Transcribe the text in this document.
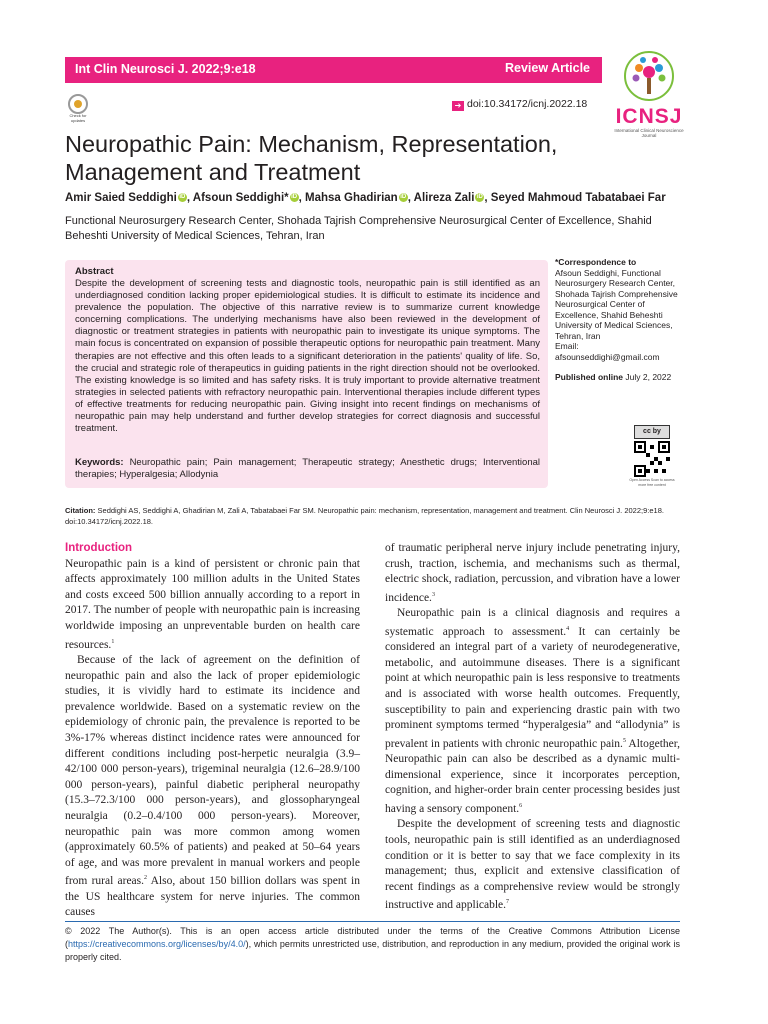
Int Clin Neurosci J. 2022;9:e18	Review Article
ICNSJ
International Clinical Neuroscience Journal
Check for updates
➔ doi:10.34172/icnj.2022.18
Neuropathic Pain: Mechanism, Representation, Management and Treatment
Amir Saied Seddighi iD , Afsoun Seddighi* iD , Mahsa Ghadirian iD , Alireza Zali iD , Seyed Mahmoud Tabatabaei Far
Functional Neurosurgery Research Center, Shohada Tajrish Comprehensive Neurosurgical Center of Excellence, Shahid Beheshti University of Medical Sciences, Tehran, Iran
Abstract
Despite the development of screening tests and diagnostic tools, neuropathic pain is still identified as an underdiagnosed condition lacking proper epidemiological studies. It is difficult to estimate its incidence and prevalence the population. The objective of this narrative review is to summarize current knowledge concerning complications. The underlying mechanisms have also been reviewed in the development of diagnostic or treatment strategies in patients with neuropathic pain to investigate its unique symptoms. The main focus is concentrated on expansion of possible therapeutic options for neuropathic pain treatment. Many therapies are not effective and this often leads to a significant deterioration in the patients' quality of life. So, the crucial and strategic role of therapeutics in guiding patients in the right direction should not be overlooked. The existing knowledge is so limited and has safety risks. It is truly important to provide alternative treatment strategies in selected patients with refractory neuropathic pain. Interventional therapies include different types of effective treatments for reducing neuropathic pain. Giving insight into recent findings on mechanisms of neuropathic pain may help understand and further develop strategies for correct diagnosis and successful treatment.
Keywords: Neuropathic pain; Pain management; Therapeutic strategy; Anesthetic drugs; Interventional therapies; Hyperalgesia; Allodynia
*Correspondence to
Afsoun Seddighi, Functional Neurosurgery Research Center, Shohada Tajrish Comprehensive Neurosurgical Center of Excellence, Shahid Beheshti University of Medical Sciences, Tehran, Iran
Email: afsounseddighi@gmail.com
Published online July 2, 2022
cc by
Open Access Scan to access more free content
Citation: Seddighi AS, Seddighi A, Ghadirian M, Zali A, Tabatabaei Far SM. Neuropathic pain: mechanism, representation, management and treatment. Clin Neurosci J. 2022;9:e18. doi:10.34172/icnj.2022.18.
Introduction

Neuropathic pain is a kind of persistent or chronic pain that affects approximately 100 million adults in the United States and costs exceed 500 billion annually according to a report in 2017. The number of people with neuropathic pain is increasing worldwide imposing an unpreventable burden on health care resources.$^1$

Because of the lack of agreement on the definition of neuropathic pain and also the lack of proper epidemiologic studies, it is vividly hard to estimate its incidence and prevalence worldwide. Based on a systematic review on the epidemiology of chronic pain, the prevalence is reported to be 3%-17% whereas distinct incidence rates were announced for different conditions including post-herpetic neuralgia (3.9–42/100 000 person-years), trigeminal neuralgia (12.6–28.9/100 000 person-years), painful diabetic peripheral neuropathy (15.3–72.3/100 000 person-years), and glossopharyngeal neuralgia (0.2–0.4/100 000 person-years). Moreover, neuropathic pain was more common among women (approximately 60.5% of patients) and peaked at 50–64 years of age, and was more prevalent in manual workers and people from rural areas.$^2$ Also, about 150 billion dollars was spent in the US healthcare system for nerve injuries. The common causes

of traumatic peripheral nerve injury include penetrating injury, crush, traction, ischemia, and mechanisms such as thermal, electric shock, radiation, percussion, and vibration have a lower incidence.$^3$

Neuropathic pain is a clinical diagnosis and requires a systematic approach to assessment.$^4$ It can certainly be considered an integral part of a variety of neurodegenerative, metabolic, and autoimmune diseases. There is a significant point at which neuropathic pain is less responsive to treatments and is associated with worse health outcomes. Frequently, susceptibility to pain and experiencing drastic pain with two prominent symptoms termed “hyperalgesia” and “allodynia” is prevalent in patients with chronic neuropathic pain.$^5$ Altogether, Neuropathic pain can also be described as a dynamic multi-dimensional experience, since it incorporates perception, cognition, and higher-order brain center processing besides just having a sensory component.$^6$

Despite the development of screening tests and diagnostic tools, neuropathic pain is still identified as an underdiagnosed condition or it is better to say that we face complexity in its management; thus, explicit and extensive classification of recent findings as a comprehensive review would be strongly instructive and applicable.$^7$

© 2022 The Author(s). This is an open access article distributed under the terms of the Creative Commons Attribution License (https://creativecommons.org/licenses/by/4.0/), which permits unrestricted use, distribution, and reproduction in any medium, provided the original work is properly cited.
